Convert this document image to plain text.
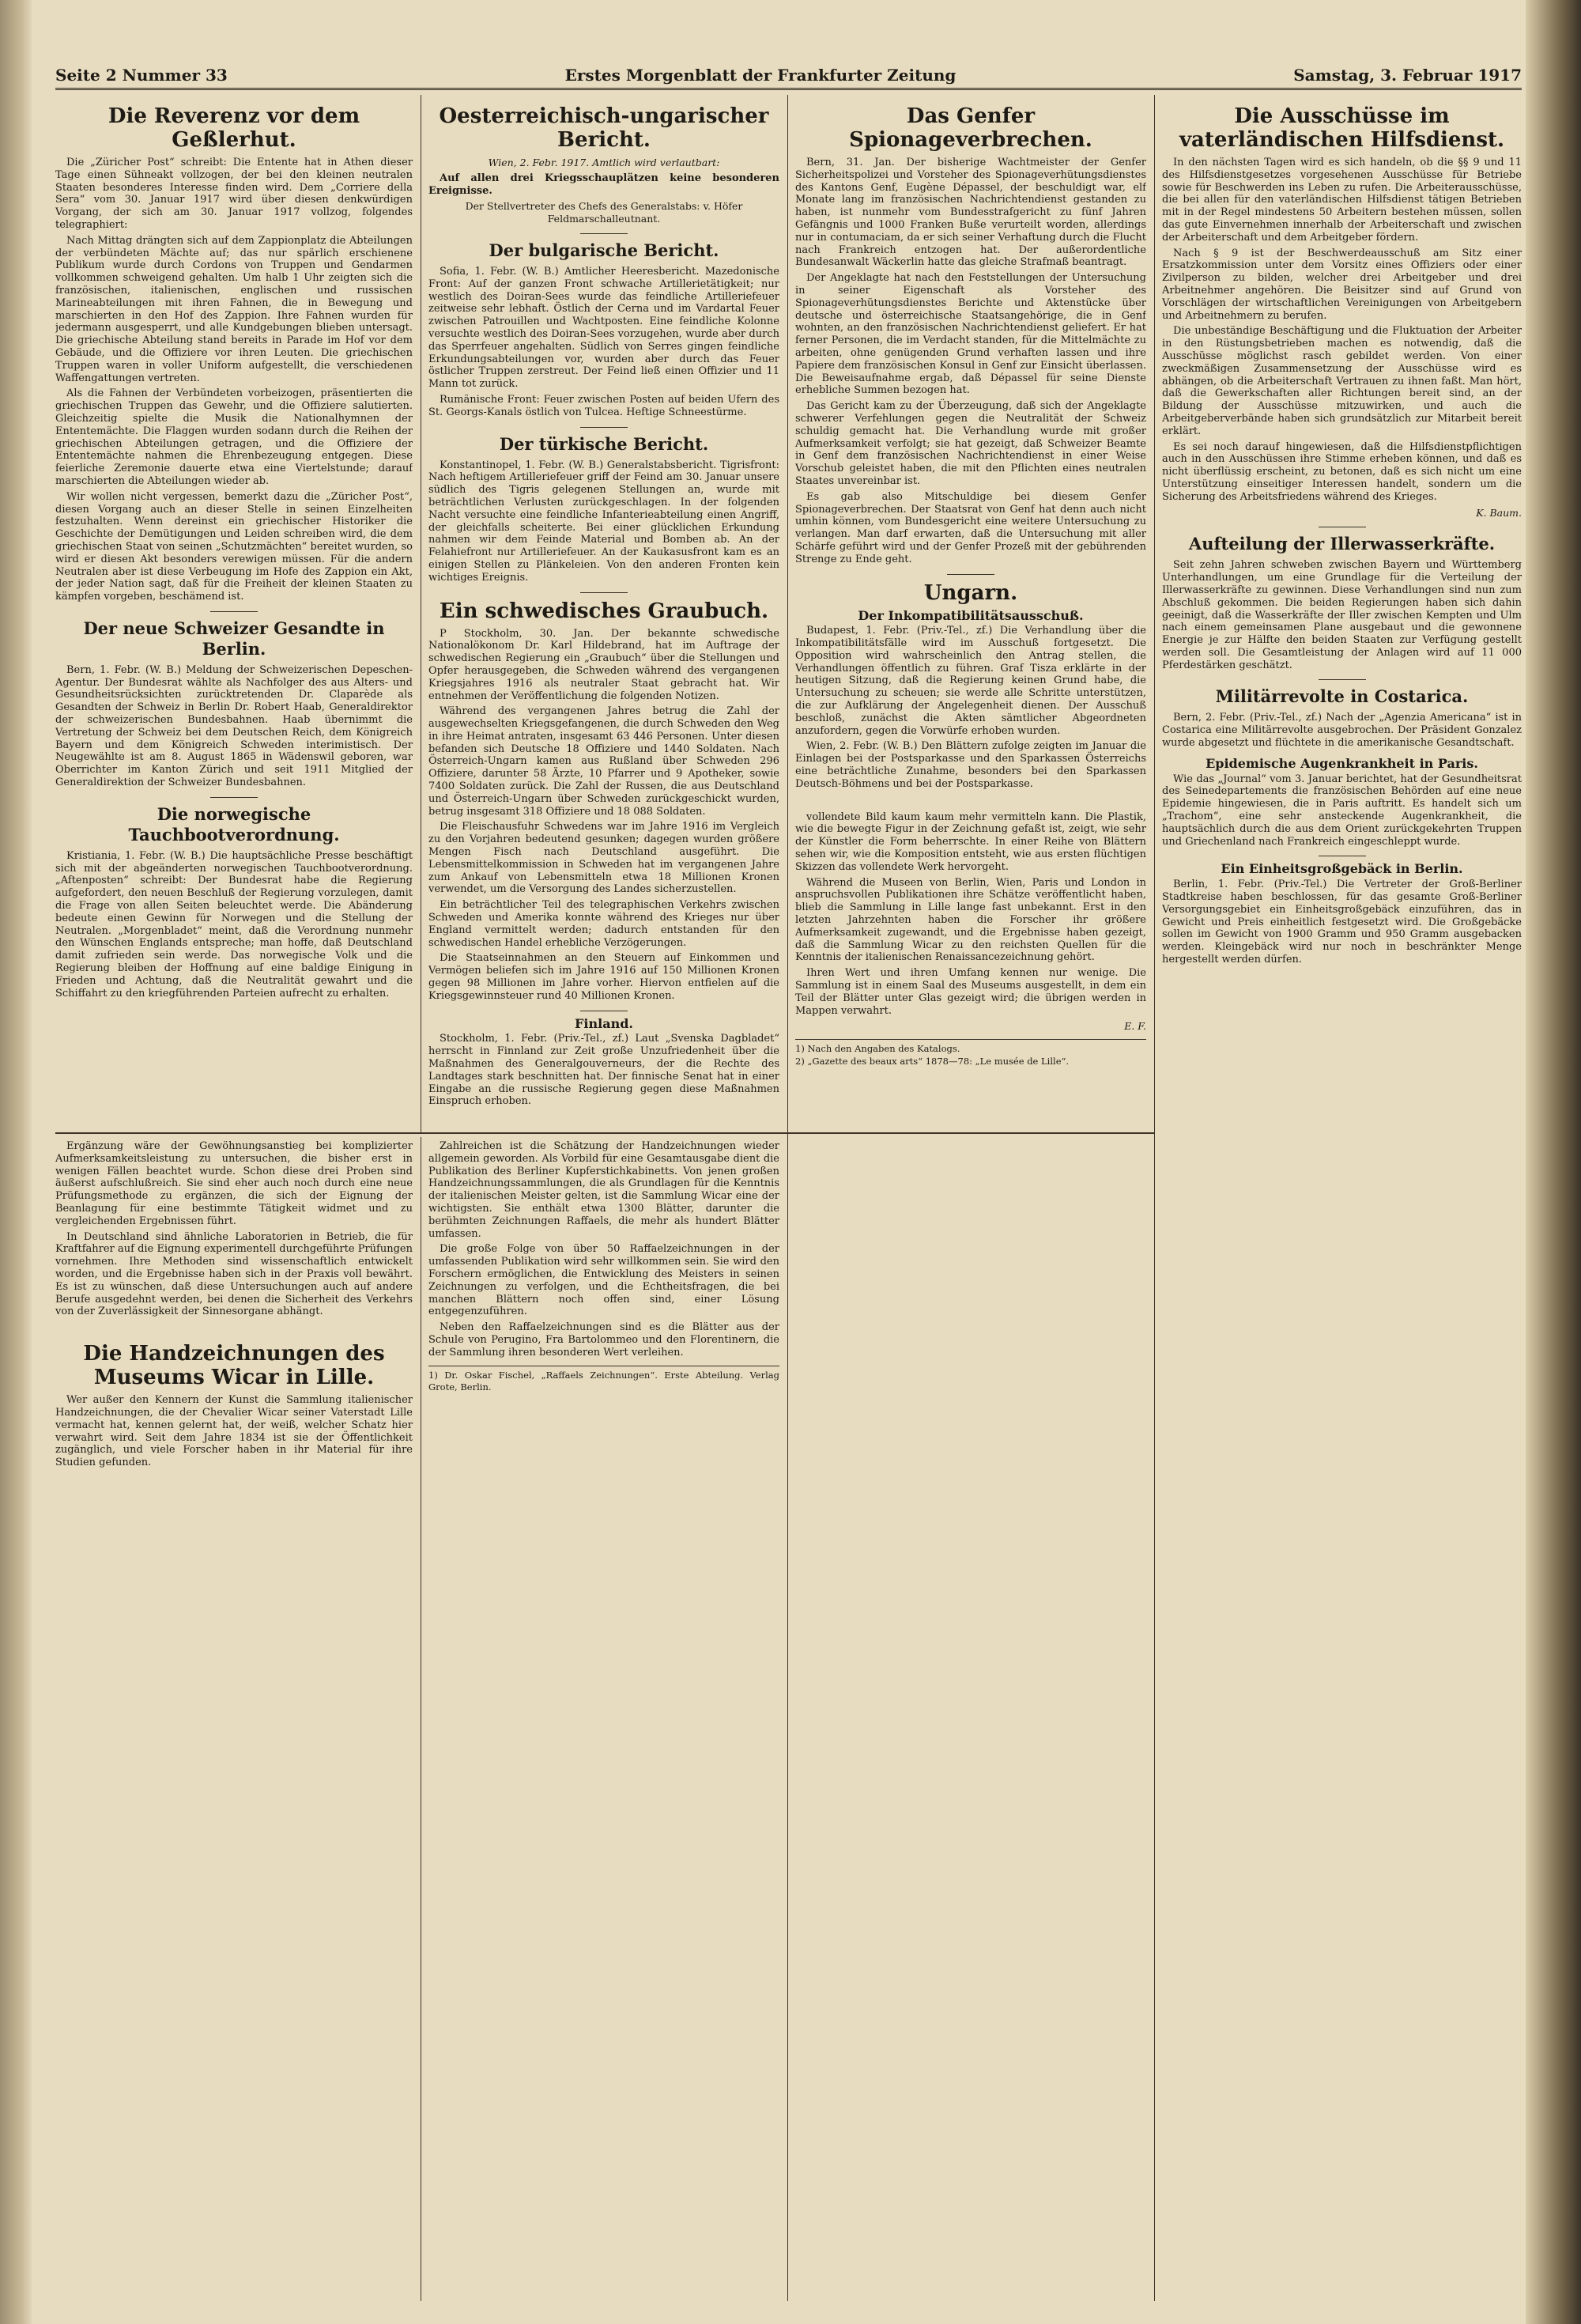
Seite 2 Nummer 33	Erstes Morgenblatt der Frankfurter Zeitung	Samstag, 3. Februar 1917
Die Reverenz vor dem Geßlerhut.

Die „Züricher Post“ schreibt: Die Entente hat in Athen dieser Tage einen Sühneakt vollzogen, der bei den kleinen neutralen Staaten besonderes Interesse finden wird. Dem „Corriere della Sera“ vom 30. Januar 1917 wird über diesen denkwürdigen Vorgang, der sich am 30. Januar 1917 vollzog, folgendes telegraphiert:

Nach Mittag drängten sich auf dem Zappionplatz die Abteilungen der verbündeten Mächte auf; das nur spärlich erschienene Publikum wurde durch Cordons von Truppen und Gendarmen vollkommen schweigend gehalten. Um halb 1 Uhr zeigten sich die französischen, italienischen, englischen und russischen Marineabteilungen mit ihren Fahnen, die in Bewegung und marschierten in den Hof des Zappion. Ihre Fahnen wurden für jedermann ausgesperrt, und alle Kundgebungen blieben untersagt. Die griechische Abteilung stand bereits in Parade im Hof vor dem Gebäude, und die Offiziere vor ihren Leuten. Die griechischen Truppen waren in voller Uniform aufgestellt, die verschiedenen Waffengattungen vertreten.

Als die Fahnen der Verbündeten vorbeizogen, präsentierten die griechischen Truppen das Gewehr, und die Offiziere salutierten. Gleichzeitig spielte die Musik die Nationalhymnen der Ententemächte. Die Flaggen wurden sodann durch die Reihen der griechischen Abteilungen getragen, und die Offiziere der Ententemächte nahmen die Ehrenbezeugung entgegen. Diese feierliche Zeremonie dauerte etwa eine Viertelstunde; darauf marschierten die Abteilungen wieder ab.

Wir wollen nicht vergessen, bemerkt dazu die „Züricher Post“, diesen Vorgang auch an dieser Stelle in seinen Einzelheiten festzuhalten. Wenn dereinst ein griechischer Historiker die Geschichte der Demütigungen und Leiden schreiben wird, die dem griechischen Staat von seinen „Schutzmächten“ bereitet wurden, so wird er diesen Akt besonders verewigen müssen. Für die andern Neutralen aber ist diese Verbeugung im Hofe des Zappion ein Akt, der jeder Nation sagt, daß für die Freiheit der kleinen Staaten zu kämpfen vorgeben, beschämend ist.

Der neue Schweizer Gesandte in Berlin.

Bern, 1. Febr. (W. B.) Meldung der Schweizerischen Depeschen-Agentur. Der Bundesrat wählte als Nachfolger des aus Alters- und Gesundheitsrücksichten zurücktretenden Dr. Claparède als Gesandten der Schweiz in Berlin Dr. Robert Haab, Generaldirektor der schweizerischen Bundesbahnen. Haab übernimmt die Vertretung der Schweiz bei dem Deutschen Reich, dem Königreich Bayern und dem Königreich Schweden interimistisch. Der Neugewählte ist am 8. August 1865 in Wädenswil geboren, war Oberrichter im Kanton Zürich und seit 1911 Mitglied der Generaldirektion der Schweizer Bundesbahnen.

Die norwegische Tauchbootverordnung.

Kristiania, 1. Febr. (W. B.) Die hauptsächliche Presse beschäftigt sich mit der abgeänderten norwegischen Tauchbootverordnung. „Aftenposten“ schreibt: Der Bundesrat habe die Regierung aufgefordert, den neuen Beschluß der Regierung vorzulegen, damit die Frage von allen Seiten beleuchtet werde. Die Abänderung bedeute einen Gewinn für Norwegen und die Stellung der Neutralen. „Morgenbladet“ meint, daß die Verordnung nunmehr den Wünschen Englands entspreche; man hoffe, daß Deutschland damit zufrieden sein werde. Das norwegische Volk und die Regierung bleiben der Hoffnung auf eine baldige Einigung in Frieden und Achtung, daß die Neutralität gewahrt und die Schiffahrt zu den kriegführenden Parteien aufrecht zu erhalten.

Oesterreichisch-ungarischer Bericht.
Wien, 2. Febr. 1917. Amtlich wird verlautbart:

Auf allen drei Kriegsschauplätzen keine besonderen Ereignisse.

Der Stellvertreter des Chefs des Generalstabs: v. Höfer Feldmarschalleutnant.
Der bulgarische Bericht.

Sofia, 1. Febr. (W. B.) Amtlicher Heeresbericht. Mazedonische Front: Auf der ganzen Front schwache Artillerietätigkeit; nur westlich des Doiran-Sees wurde das feindliche Artilleriefeuer zeitweise sehr lebhaft. Östlich der Cerna und im Vardartal Feuer zwischen Patrouillen und Wachtposten. Eine feindliche Kolonne versuchte westlich des Doiran-Sees vorzugehen, wurde aber durch das Sperrfeuer angehalten. Südlich von Serres gingen feindliche Erkundungsabteilungen vor, wurden aber durch das Feuer östlicher Truppen zerstreut. Der Feind ließ einen Offizier und 11 Mann tot zurück.

Rumänische Front: Feuer zwischen Posten auf beiden Ufern des St. Georgs-Kanals östlich von Tulcea. Heftige Schneestürme.

Der türkische Bericht.

Konstantinopel, 1. Febr. (W. B.) Generalstabsbericht. Tigrisfront: Nach heftigem Artilleriefeuer griff der Feind am 30. Januar unsere südlich des Tigris gelegenen Stellungen an, wurde mit beträchtlichen Verlusten zurückgeschlagen. In der folgenden Nacht versuchte eine feindliche Infanterieabteilung einen Angriff, der gleichfalls scheiterte. Bei einer glücklichen Erkundung nahmen wir dem Feinde Material und Bomben ab. An der Felahiefront nur Artilleriefeuer. An der Kaukasusfront kam es an einigen Stellen zu Plänkeleien. Von den anderen Fronten kein wichtiges Ereignis.

Ein schwedisches Graubuch.

P Stockholm, 30. Jan. Der bekannte schwedische Nationalökonom Dr. Karl Hildebrand, hat im Auftrage der schwedischen Regierung ein „Graubuch“ über die Stellungen und Opfer herausgegeben, die Schweden während des vergangenen Kriegsjahres 1916 als neutraler Staat gebracht hat. Wir entnehmen der Veröffentlichung die folgenden Notizen.

Während des vergangenen Jahres betrug die Zahl der ausgewechselten Kriegsgefangenen, die durch Schweden den Weg in ihre Heimat antraten, insgesamt 63 446 Personen. Unter diesen befanden sich Deutsche 18 Offiziere und 1440 Soldaten. Nach Österreich-Ungarn kamen aus Rußland über Schweden 296 Offiziere, darunter 58 Ärzte, 10 Pfarrer und 9 Apotheker, sowie 7400 Soldaten zurück. Die Zahl der Russen, die aus Deutschland und Österreich-Ungarn über Schweden zurückgeschickt wurden, betrug insgesamt 318 Offiziere und 18 088 Soldaten.

Die Fleischausfuhr Schwedens war im Jahre 1916 im Vergleich zu den Vorjahren bedeutend gesunken; dagegen wurden größere Mengen Fisch nach Deutschland ausgeführt. Die Lebensmittelkommission in Schweden hat im vergangenen Jahre zum Ankauf von Lebensmitteln etwa 18 Millionen Kronen verwendet, um die Versorgung des Landes sicherzustellen.

Ein beträchtlicher Teil des telegraphischen Verkehrs zwischen Schweden und Amerika konnte während des Krieges nur über England vermittelt werden; dadurch entstanden für den schwedischen Handel erhebliche Verzögerungen.

Die Staatseinnahmen an den Steuern auf Einkommen und Vermögen beliefen sich im Jahre 1916 auf 150 Millionen Kronen gegen 98 Millionen im Jahre vorher. Hiervon entfielen auf die Kriegsgewinnsteuer rund 40 Millionen Kronen.

Finland.

Stockholm, 1. Febr. (Priv.-Tel., zf.) Laut „Svenska Dagbladet“ herrscht in Finnland zur Zeit große Unzufriedenheit über die Maßnahmen des Generalgouverneurs, der die Rechte des Landtages stark beschnitten hat. Der finnische Senat hat in einer Eingabe an die russische Regierung gegen diese Maßnahmen Einspruch erhoben.

Das Genfer Spionageverbrechen.

Bern, 31. Jan. Der bisherige Wachtmeister der Genfer Sicherheitspolizei und Vorsteher des Spionageverhütungsdienstes des Kantons Genf, Eugène Dépassel, der beschuldigt war, elf Monate lang im französischen Nachrichtendienst gestanden zu haben, ist nunmehr vom Bundesstrafgericht zu fünf Jahren Gefängnis und 1000 Franken Buße verurteilt worden, allerdings nur in contumaciam, da er sich seiner Verhaftung durch die Flucht nach Frankreich entzogen hat. Der außerordentliche Bundesanwalt Wäckerlin hatte das gleiche Strafmaß beantragt.

Der Angeklagte hat nach den Feststellungen der Untersuchung in seiner Eigenschaft als Vorsteher des Spionageverhütungsdienstes Berichte und Aktenstücke über deutsche und österreichische Staatsangehörige, die in Genf wohnten, an den französischen Nachrichtendienst geliefert. Er hat ferner Personen, die im Verdacht standen, für die Mittelmächte zu arbeiten, ohne genügenden Grund verhaften lassen und ihre Papiere dem französischen Konsul in Genf zur Einsicht überlassen. Die Beweisaufnahme ergab, daß Dépassel für seine Dienste erhebliche Summen bezogen hat.

Das Gericht kam zu der Überzeugung, daß sich der Angeklagte schwerer Verfehlungen gegen die Neutralität der Schweiz schuldig gemacht hat. Die Verhandlung wurde mit großer Aufmerksamkeit verfolgt; sie hat gezeigt, daß Schweizer Beamte in Genf dem französischen Nachrichtendienst in einer Weise Vorschub geleistet haben, die mit den Pflichten eines neutralen Staates unvereinbar ist.

Es gab also Mitschuldige bei diesem Genfer Spionageverbrechen. Der Staatsrat von Genf hat denn auch nicht umhin können, vom Bundesgericht eine weitere Untersuchung zu verlangen. Man darf erwarten, daß die Untersuchung mit aller Schärfe geführt wird und der Genfer Prozeß mit der gebührenden Strenge zu Ende geht.

Ungarn.
Der Inkompatibilitätsausschuß.

Budapest, 1. Febr. (Priv.-Tel., zf.) Die Verhandlung über die Inkompatibilitätsfälle wird im Ausschuß fortgesetzt. Die Opposition wird wahrscheinlich den Antrag stellen, die Verhandlungen öffentlich zu führen. Graf Tisza erklärte in der heutigen Sitzung, daß die Regierung keinen Grund habe, die Untersuchung zu scheuen; sie werde alle Schritte unterstützen, die zur Aufklärung der Angelegenheit dienen. Der Ausschuß beschloß, zunächst die Akten sämtlicher Abgeordneten anzufordern, gegen die Vorwürfe erhoben wurden.

Wien, 2. Febr. (W. B.) Den Blättern zufolge zeigten im Januar die Einlagen bei der Postsparkasse und den Sparkassen Österreichs eine beträchtliche Zunahme, besonders bei den Sparkassen Deutsch-Böhmens und bei der Postsparkasse.

vollendete Bild kaum kaum mehr vermitteln kann. Die Plastik, wie die bewegte Figur in der Zeichnung gefaßt ist, zeigt, wie sehr der Künstler die Form beherrschte. In einer Reihe von Blättern sehen wir, wie die Komposition entsteht, wie aus ersten flüchtigen Skizzen das vollendete Werk hervorgeht.

Während die Museen von Berlin, Wien, Paris und London in anspruchsvollen Publikationen ihre Schätze veröffentlicht haben, blieb die Sammlung in Lille lange fast unbekannt. Erst in den letzten Jahrzehnten haben die Forscher ihr größere Aufmerksamkeit zugewandt, und die Ergebnisse haben gezeigt, daß die Sammlung Wicar zu den reichsten Quellen für die Kenntnis der italienischen Renaissancezeichnung gehört.

Ihren Wert und ihren Umfang kennen nur wenige. Die Sammlung ist in einem Saal des Museums ausgestellt, in dem ein Teil der Blätter unter Glas gezeigt wird; die übrigen werden in Mappen verwahrt.

E. F.
1) Nach den Angaben des Katalogs.
2) „Gazette des beaux arts“ 1878—78: „Le musée de Lille“.
Die Ausschüsse im vaterländischen Hilfsdienst.

In den nächsten Tagen wird es sich handeln, ob die §§ 9 und 11 des Hilfsdienstgesetzes vorgesehenen Ausschüsse für Betriebe sowie für Beschwerden ins Leben zu rufen. Die Arbeiterausschüsse, die bei allen für den vaterländischen Hilfsdienst tätigen Betrieben mit in der Regel mindestens 50 Arbeitern bestehen müssen, sollen das gute Einvernehmen innerhalb der Arbeiterschaft und zwischen der Arbeiterschaft und dem Arbeitgeber fördern.

Nach § 9 ist der Beschwerdeausschuß am Sitz einer Ersatzkommission unter dem Vorsitz eines Offiziers oder einer Zivilperson zu bilden, welcher drei Arbeitgeber und drei Arbeitnehmer angehören. Die Beisitzer sind auf Grund von Vorschlägen der wirtschaftlichen Vereinigungen von Arbeitgebern und Arbeitnehmern zu berufen.

Die unbeständige Beschäftigung und die Fluktuation der Arbeiter in den Rüstungsbetrieben machen es notwendig, daß die Ausschüsse möglichst rasch gebildet werden. Von einer zweckmäßigen Zusammensetzung der Ausschüsse wird es abhängen, ob die Arbeiterschaft Vertrauen zu ihnen faßt. Man hört, daß die Gewerkschaften aller Richtungen bereit sind, an der Bildung der Ausschüsse mitzuwirken, und auch die Arbeitgeberverbände haben sich grundsätzlich zur Mitarbeit bereit erklärt.

Es sei noch darauf hingewiesen, daß die Hilfsdienstpflichtigen auch in den Ausschüssen ihre Stimme erheben können, und daß es nicht überflüssig erscheint, zu betonen, daß es sich nicht um eine Unterstützung einseitiger Interessen handelt, sondern um die Sicherung des Arbeitsfriedens während des Krieges.

K. Baum.
Aufteilung der Illerwasserkräfte.

Seit zehn Jahren schweben zwischen Bayern und Württemberg Unterhandlungen, um eine Grundlage für die Verteilung der Illerwasserkräfte zu gewinnen. Diese Verhandlungen sind nun zum Abschluß gekommen. Die beiden Regierungen haben sich dahin geeinigt, daß die Wasserkräfte der Iller zwischen Kempten und Ulm nach einem gemeinsamen Plane ausgebaut und die gewonnene Energie je zur Hälfte den beiden Staaten zur Verfügung gestellt werden soll. Die Gesamtleistung der Anlagen wird auf 11 000 Pferdestärken geschätzt.

Militärrevolte in Costarica.

Bern, 2. Febr. (Priv.-Tel., zf.) Nach der „Agenzia Americana“ ist in Costarica eine Militärrevolte ausgebrochen. Der Präsident Gonzalez wurde abgesetzt und flüchtete in die amerikanische Gesandtschaft.

Epidemische Augenkrankheit in Paris.

Wie das „Journal“ vom 3. Januar berichtet, hat der Gesundheitsrat des Seinedepartements die französischen Behörden auf eine neue Epidemie hingewiesen, die in Paris auftritt. Es handelt sich um „Trachom“, eine sehr ansteckende Augenkrankheit, die hauptsächlich durch die aus dem Orient zurückgekehrten Truppen und Griechenland nach Frankreich eingeschleppt wurde.

Ein Einheitsgroßgebäck in Berlin.

Berlin, 1. Febr. (Priv.-Tel.) Die Vertreter der Groß-Berliner Stadtkreise haben beschlossen, für das gesamte Groß-Berliner Versorgungsgebiet ein Einheitsgroßgebäck einzuführen, das in Gewicht und Preis einheitlich festgesetzt wird. Die Großgebäcke sollen im Gewicht von 1900 Gramm und 950 Gramm ausgebacken werden. Kleingebäck wird nur noch in beschränkter Menge hergestellt werden dürfen.

Ergänzung wäre der Gewöhnungsanstieg bei komplizierter Aufmerksamkeitsleistung zu untersuchen, die bisher erst in wenigen Fällen beachtet wurde. Schon diese drei Proben sind äußerst aufschlußreich. Sie sind eher auch noch durch eine neue Prüfungsmethode zu ergänzen, die sich der Eignung der Beanlagung für eine bestimmte Tätigkeit widmet und zu vergleichenden Ergebnissen führt.

In Deutschland sind ähnliche Laboratorien in Betrieb, die für Kraftfahrer auf die Eignung experimentell durchgeführte Prüfungen vornehmen. Ihre Methoden sind wissenschaftlich entwickelt worden, und die Ergebnisse haben sich in der Praxis voll bewährt. Es ist zu wünschen, daß diese Untersuchungen auch auf andere Berufe ausgedehnt werden, bei denen die Sicherheit des Verkehrs von der Zuverlässigkeit der Sinnesorgane abhängt.

Die Handzeichnungen des Museums Wicar in Lille.

Wer außer den Kennern der Kunst die Sammlung italienischer Handzeichnungen, die der Chevalier Wicar seiner Vaterstadt Lille vermacht hat, kennen gelernt hat, der weiß, welcher Schatz hier verwahrt wird. Seit dem Jahre 1834 ist sie der Öffentlichkeit zugänglich, und viele Forscher haben in ihr Material für ihre Studien gefunden.

Zahlreichen ist die Schätzung der Handzeichnungen wieder allgemein geworden. Als Vorbild für eine Gesamtausgabe dient die Publikation des Berliner Kupferstichkabinetts. Von jenen großen Handzeichnungssammlungen, die als Grundlagen für die Kenntnis der italienischen Meister gelten, ist die Sammlung Wicar eine der wichtigsten. Sie enthält etwa 1300 Blätter, darunter die berühmten Zeichnungen Raffaels, die mehr als hundert Blätter umfassen.

Die große Folge von über 50 Raffaelzeichnungen in der umfassenden Publikation wird sehr willkommen sein. Sie wird den Forschern ermöglichen, die Entwicklung des Meisters in seinen Zeichnungen zu verfolgen, und die Echtheitsfragen, die bei manchen Blättern noch offen sind, einer Lösung entgegenzuführen.

Neben den Raffaelzeichnungen sind es die Blätter aus der Schule von Perugino, Fra Bartolommeo und den Florentinern, die der Sammlung ihren besonderen Wert verleihen.

1) Dr. Oskar Fischel, „Raffaels Zeichnungen“. Erste Abteilung. Verlag Grote, Berlin.
